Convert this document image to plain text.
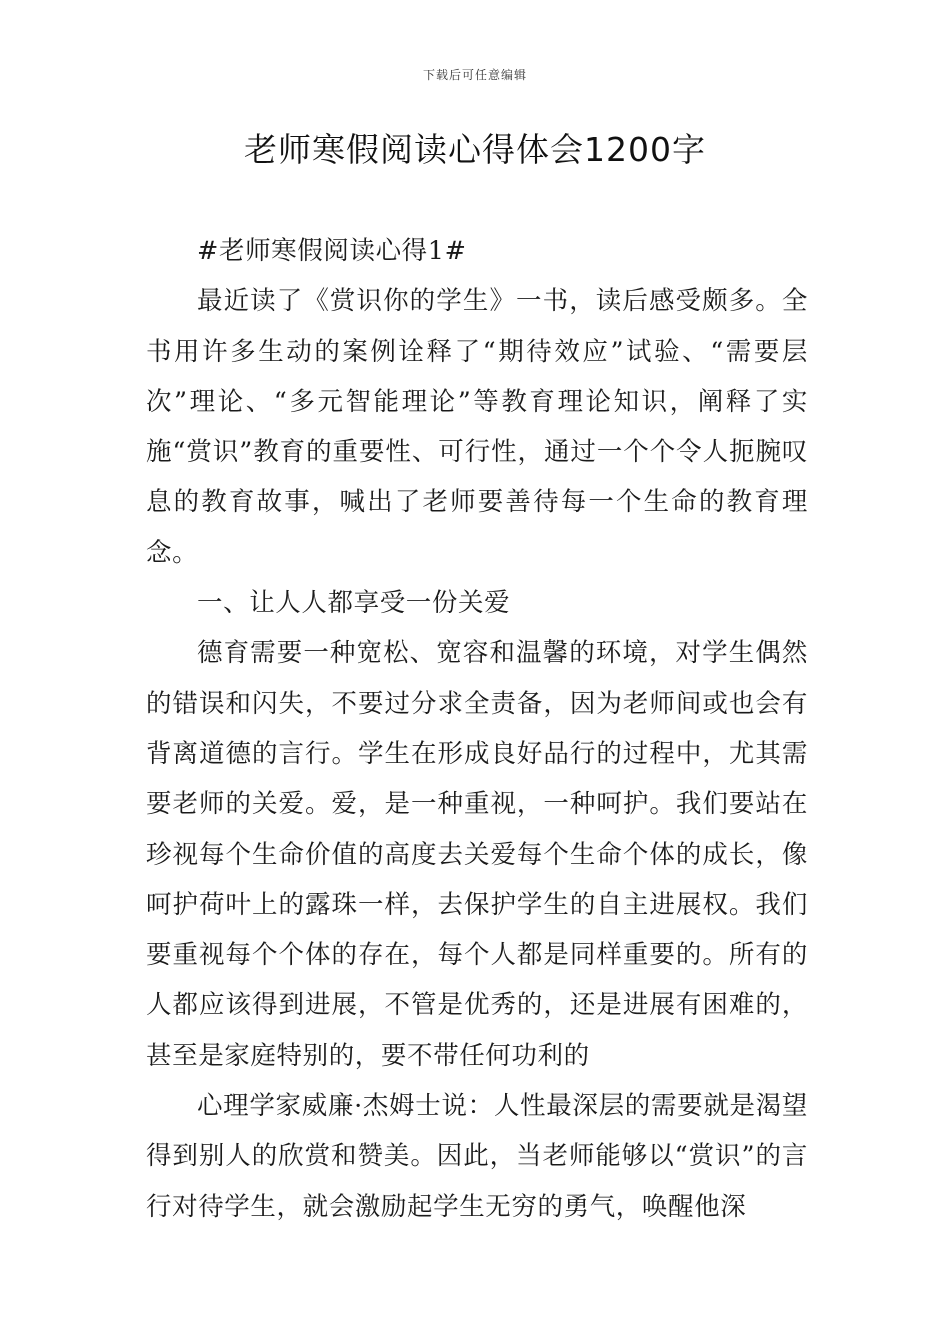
下载后可任意编辑
老师寒假阅读心得体会1200字

#老师寒假阅读心得1#

最近读了《赏识你的学生》一书，读后感受颇多。全书用许多生动的案例诠释了“期待效应”试验、“需要层次”理论、“多元智能理论”等教育理论知识，阐释了实施“赏识”教育的重要性、可行性，通过一个个令人扼腕叹息的教育故事，喊出了老师要善待每一个生命的教育理念。

一、让人人都享受一份关爱

德育需要一种宽松、宽容和温馨的环境，对学生偶然的错误和闪失，不要过分求全责备，因为老师间或也会有背离道德的言行。学生在形成良好品行的过程中，尤其需要老师的关爱。爱，是一种重视，一种呵护。我们要站在珍视每个生命价值的高度去关爱每个生命个体的成长，像呵护荷叶上的露珠一样，去保护学生的自主进展权。我们要重视每个个体的存在，每个人都是同样重要的。所有的人都应该得到进展，不管是优秀的，还是进展有困难的，甚至是家庭特别的，要不带任何功利的

心理学家威廉·杰姆士说：人性最深层的需要就是渴望得到别人的欣赏和赞美。因此，当老师能够以“赏识”的言行对待学生，就会激励起学生无穷的勇气，唤醒他深
